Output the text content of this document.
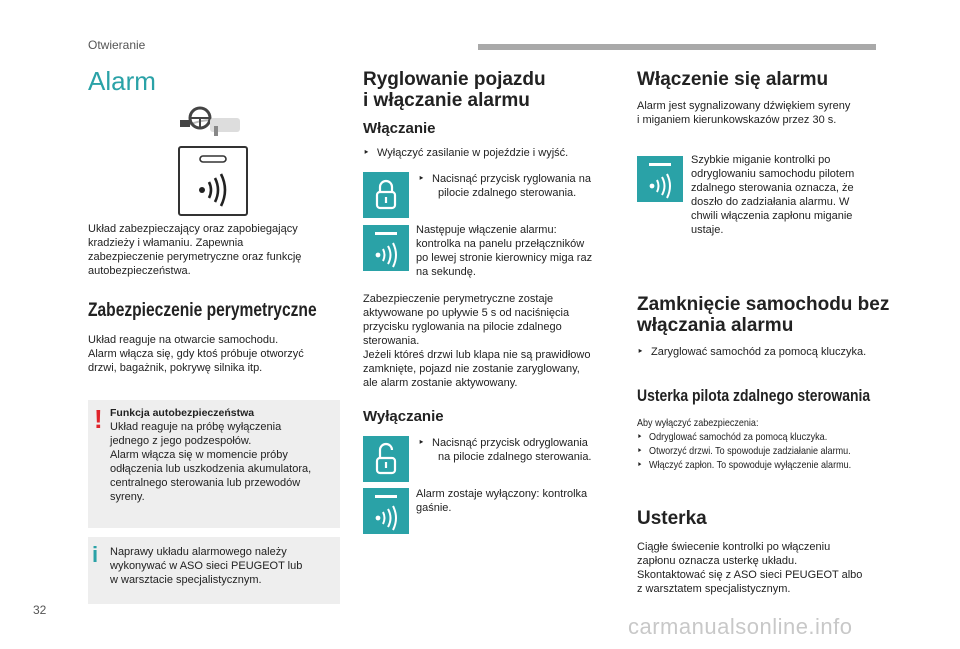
Otwieranie
Alarm
Układ zabezpieczający oraz zapobiegający
kradzieży i włamaniu. Zapewnia
zabezpieczenie perymetryczne oraz funkcję
autobezpieczeństwa.
Zabezpieczenie perymetryczne
Układ reaguje na otwarcie samochodu.
Alarm włącza się, gdy ktoś próbuje otworzyć
drzwi, bagażnik, pokrywę silnika itp.
! Funkcja autobezpieczeństwa
Układ reaguje na próbę wyłączenia
jednego z jego podzespołów.
Alarm włącza się w momencie próby
odłączenia lub uszkodzenia akumulatora,
centralnego sterowania lub przewodów
syreny.
i Naprawy układu alarmowego należy
wykonywać w ASO sieci PEUGEOT lub
w warsztacie specjalistycznym.
Ryglowanie pojazdu
i włączanie alarmu
Włączanie
‣ Wyłączyć zasilanie w pojeździe i wyjść.
‣ Nacisnąć przycisk ryglowania na
pilocie zdalnego sterowania.
Następuje włączenie alarmu:
kontrolka na panelu przełączników
po lewej stronie kierownicy miga raz
na sekundę.
Zabezpieczenie perymetryczne zostaje
aktywowane po upływie 5 s od naciśnięcia
przycisku ryglowania na pilocie zdalnego
sterowania.
Jeżeli któreś drzwi lub klapa nie są prawidłowo
zamknięte, pojazd nie zostanie zaryglowany,
ale alarm zostanie aktywowany.
Wyłączanie
‣ Nacisnąć przycisk odryglowania
na pilocie zdalnego sterowania.
Alarm zostaje wyłączony: kontrolka
gaśnie.
Włączenie się alarmu
Alarm jest sygnalizowany dźwiękiem syreny
i miganiem kierunkowskazów przez 30 s.
Szybkie miganie kontrolki po
odryglowaniu samochodu pilotem
zdalnego sterowania oznacza, że
doszło do zadziałania alarmu. W
chwili włączenia zapłonu miganie
ustaje.
Zamknięcie samochodu bez
włączania alarmu
‣ Zaryglować samochód za pomocą kluczyka.
Usterka pilota zdalnego sterowania
Aby wyłączyć zabezpieczenia:
‣ Odryglować samochód za pomocą kluczyka.
‣ Otworzyć drzwi. To spowoduje zadziałanie alarmu.
‣ Włączyć zapłon. To spowoduje wyłączenie alarmu.
Usterka
Ciągłe świecenie kontrolki po włączeniu
zapłonu oznacza usterkę układu.
Skontaktować się z ASO sieci PEUGEOT albo
z warsztatem specjalistycznym.
32
carmanualsonline.info
